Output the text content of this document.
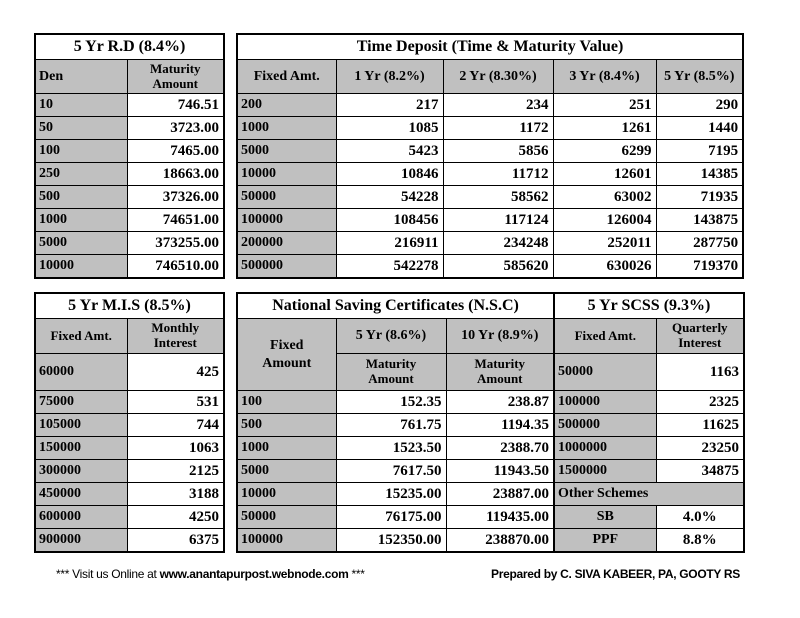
5 Yr R.D (8.4%)	
Den	Maturity Amount
10	746.51
50	3723.00
100	7465.00
250	18663.00
500	37326.00
1000	74651.00
5000	373255.00
10000	746510.00
Time Deposit (Time & Maturity Value)				
Fixed Amt.	1 Yr (8.2%)	2 Yr (8.30%)	3 Yr (8.4%)	5 Yr (8.5%)
200	217	234	251	290
1000	1085	1172	1261	1440
5000	5423	5856	6299	7195
10000	10846	11712	12601	14385
50000	54228	58562	63002	71935
100000	108456	117124	126004	143875
200000	216911	234248	252011	287750
500000	542278	585620	630026	719370
5 Yr M.I.S (8.5%)	
Fixed Amt.	Monthly Interest
60000	425
75000	531
105000	744
150000	1063
300000	2125
450000	3188
600000	4250
900000	6375
National Saving Certificates (N.S.C)		
Fixed Amount	5 Yr (8.6%)	10 Yr (8.9%)
	Maturity Amount	Maturity Amount
100	152.35	238.87
500	761.75	1194.35
1000	1523.50	2388.70
5000	7617.50	11943.50
10000	15235.00	23887.00
50000	76175.00	119435.00
100000	152350.00	238870.00
5 Yr SCSS (9.3%)	
Fixed Amt.	Quarterly Interest
50000	1163
100000	2325
500000	11625
1000000	23250
1500000	34875
Other Schemes	
SB	4.0%
PPF	8.8%
*** Visit us Online at www.anantapurpost.webnode.com ***	Prepared by C. SIVA KABEER, PA, GOOTY RS
